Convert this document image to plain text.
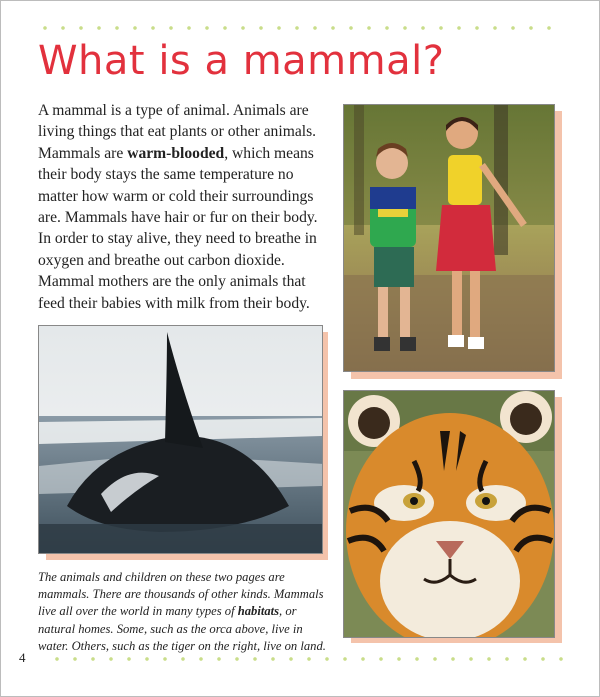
What is a mammal?

A mammal is a type of animal. Animals are living things that eat plants or other animals. Mammals are warm-blooded, which means their body stays the same temperature no matter how warm or cold their surroundings are. Mammals have hair or fur on their body. In order to stay alive, they need to breathe in oxygen and breathe out carbon dioxide. Mammal mothers are the only animals that feed their babies with milk from their body.

The animals and children on these two pages are mammals. There are thousands of other kinds. Mammals live all over the world in many types of habitats, or natural homes. Some, such as the orca above, live in water. Others, such as the tiger on the right, live on land.

4
